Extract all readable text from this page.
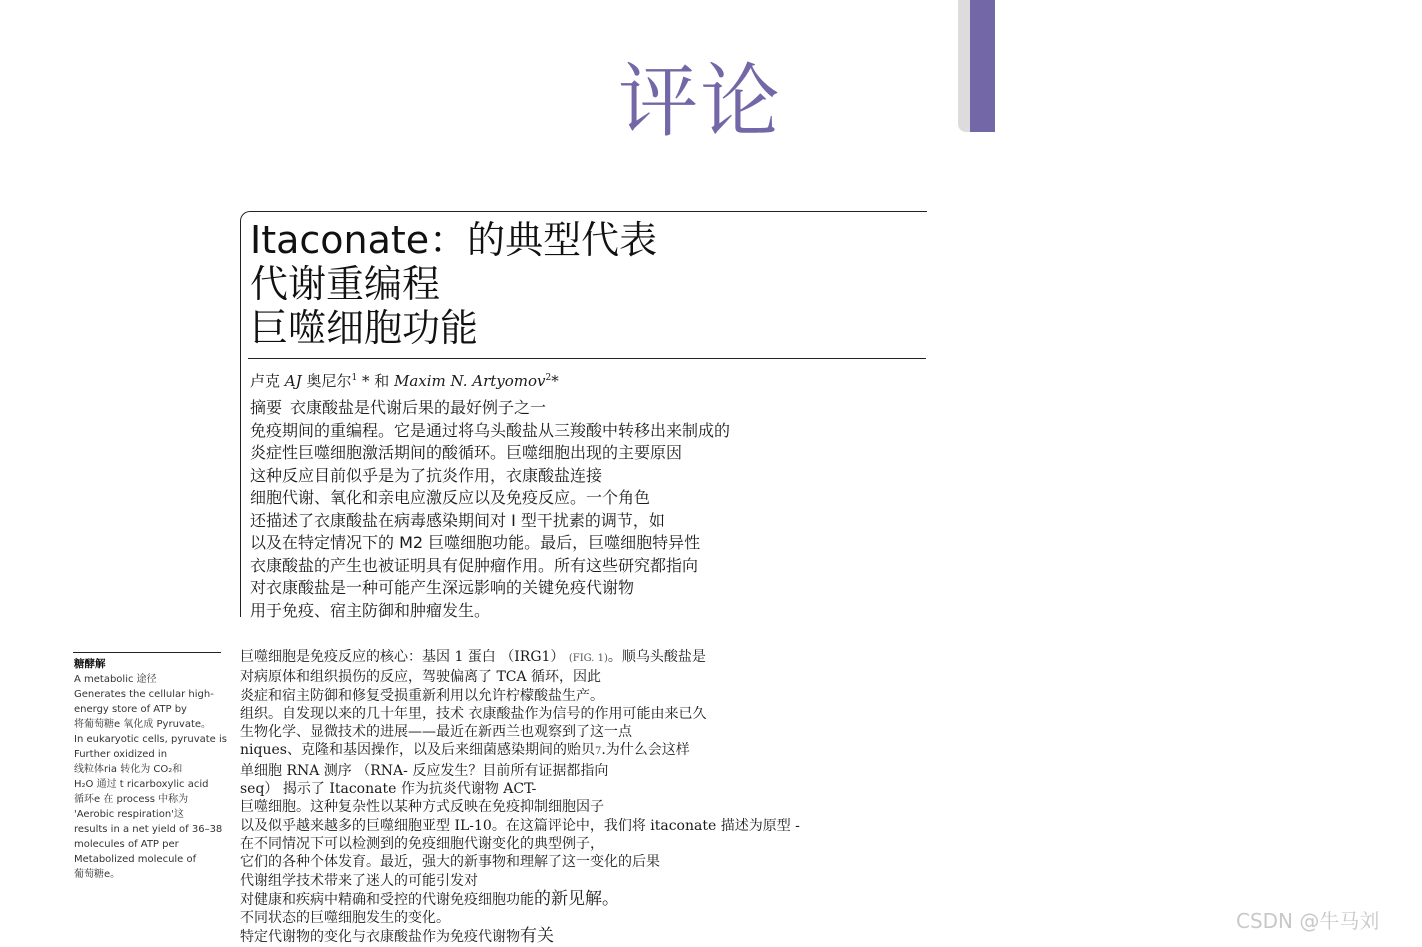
评论
Itaconate：的典型代表
代谢重编程
巨噬细胞功能
卢克 AJ 奥尼尔$^1$ * 和 Maxim N. Artyomov$^2$*
摘要 衣康酸盐是代谢后果的最好例子之一
免疫期间的重编程。它是通过将乌头酸盐从三羧酸中转移出来制成的
炎症性巨噬细胞激活期间的酸循环。巨噬细胞出现的主要原因
这种反应目前似乎是为了抗炎作用，衣康酸盐连接
细胞代谢、氧化和亲电应激反应以及免疫反应。一个角色
还描述了衣康酸盐在病毒感染期间对 I 型干扰素的调节，如
以及在特定情况下的 M2 巨噬细胞功能。最后，巨噬细胞特异性
衣康酸盐的产生也被证明具有促肿瘤作用。所有这些研究都指向
对衣康酸盐是一种可能产生深远影响的关键免疫代谢物
用于免疫、宿主防御和肿瘤发生。
糖酵解
A metabolic 途径
Generates the cellular high-
energy store of ATP by
将葡萄糖e 氧化成 Pyruvate。
In eukaryotic cells, pyruvate is
Further oxidized in
线粒体ria 转化为 CO₂和
H₂O 通过 t ricarboxylic acid
循环e 在 process 中称为
'Aerobic respiration'这
results in a net yield of 36–38
molecules of ATP per
Metabolized molecule of
葡萄糖e。
巨噬细胞是免疫反应的核心：基因 1 蛋白 （IRG1） (FIG. 1)。顺乌头酸盐是
对病原体和组织损伤的反应，驾驶偏离了 TCA 循环，因此
炎症和宿主防御和修复受损重新利用以允许柠檬酸盐生产。
组织。自发现以来的几十年里，技术 衣康酸盐作为信号的作用可能由来已久
生物化学、显微技术的进展——最近在新西兰也观察到了这一点
niques、克隆和基因操作，以及后来细菌感染期间的贻贝7.为什么会这样
单细胞 RNA 测序 （RNA- 反应发生？目前所有证据都指向
seq） 揭示了 Itaconate 作为抗炎代谢物 ACT-
巨噬细胞。这种复杂性以某种方式反映在免疫抑制细胞因子
以及似乎越来越多的巨噬细胞亚型 IL-10。在这篇评论中，我们将 itaconate 描述为原型 -
在不同情况下可以检测到的免疫细胞代谢变化的典型例子，
它们的各种个体发育。最近，强大的新事物和理解了这一变化的后果
代谢组学技术带来了迷人的可能引发对
对健康和疾病中精确和受控的代谢免疫细胞功能的新见解。
不同状态的巨噬细胞发生的变化。
特定代谢物的变化与衣康酸盐作为免疫代谢物有关
CSDN @牛马刘
